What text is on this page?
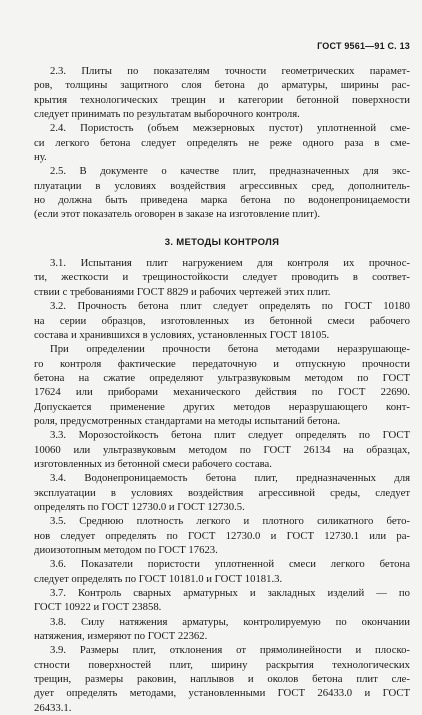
ГОСТ 9561—91 С. 13
2.3. Плиты по показателям точности геометрических парамет-
ров, толщины защитного слоя бетона до арматуры, ширины рас-
крытия технологических трещин и категории бетонной поверхности
следует принимать по результатам выборочного контроля.
2.4. Пористость (объем межзерновых пустот) уплотненной сме-
си легкого бетона следует определять не реже одного раза в сме-
ну.
2.5. В документе о качестве плит, предназначенных для экс-
плуатации в условиях воздействия агрессивных сред, дополнитель-
но должна быть приведена марка бетона по водонепроницаемости
(если этот показатель оговорен в заказе на изготовление плит).
3. МЕТОДЫ КОНТРОЛЯ
3.1. Испытания плит нагружением для контроля их прочнос-
ти, жесткости и трещиностойкости следует проводить в соответ-
ствии с требованиями ГОСТ 8829 и рабочих чертежей этих плит.
3.2. Прочность бетона плит следует определять по ГОСТ 10180
на серии образцов, изготовленных из бетонной смеси рабочего
состава и хранившихся в условиях, установленных ГОСТ 18105.
При определении прочности бетона методами неразрушающе-
го контроля фактические передаточную и отпускную прочности
бетона на сжатие определяют ультразвуковым методом по ГОСТ
17624 или приборами механического действия по ГОСТ 22690.
Допускается применение других методов неразрушающего конт-
роля, предусмотренных стандартами на методы испытаний бетона.
3.3. Морозостойкость бетона плит следует определять по ГОСТ
10060 или ультразвуковым методом по ГОСТ 26134 на образцах,
изготовленных из бетонной смеси рабочего состава.
3.4. Водонепроницаемость бетона плит, предназначенных для
эксплуатации в условиях воздействия агрессивной среды, следует
определять по ГОСТ 12730.0 и ГОСТ 12730.5.
3.5. Среднюю плотность легкого и плотного силикатного бето-
нов следует определять по ГОСТ 12730.0 и ГОСТ 12730.1 или ра-
диоизотопным методом по ГОСТ 17623.
3.6. Показатели пористости уплотненной смеси легкого бетона
следует определять по ГОСТ 10181.0 и ГОСТ 10181.3.
3.7. Контроль сварных арматурных и закладных изделий — по
ГОСТ 10922 и ГОСТ 23858.
3.8. Силу натяжения арматуры, контролируемую по окончании
натяжения, измеряют по ГОСТ 22362.
3.9. Размеры плит, отклонения от прямолинейности и плоско-
стности поверхностей плит, ширину раскрытия технологических
трещин, размеры раковин, наплывов и околов бетона плит сле-
дует определять методами, установленными ГОСТ 26433.0 и ГОСТ
26433.1.
